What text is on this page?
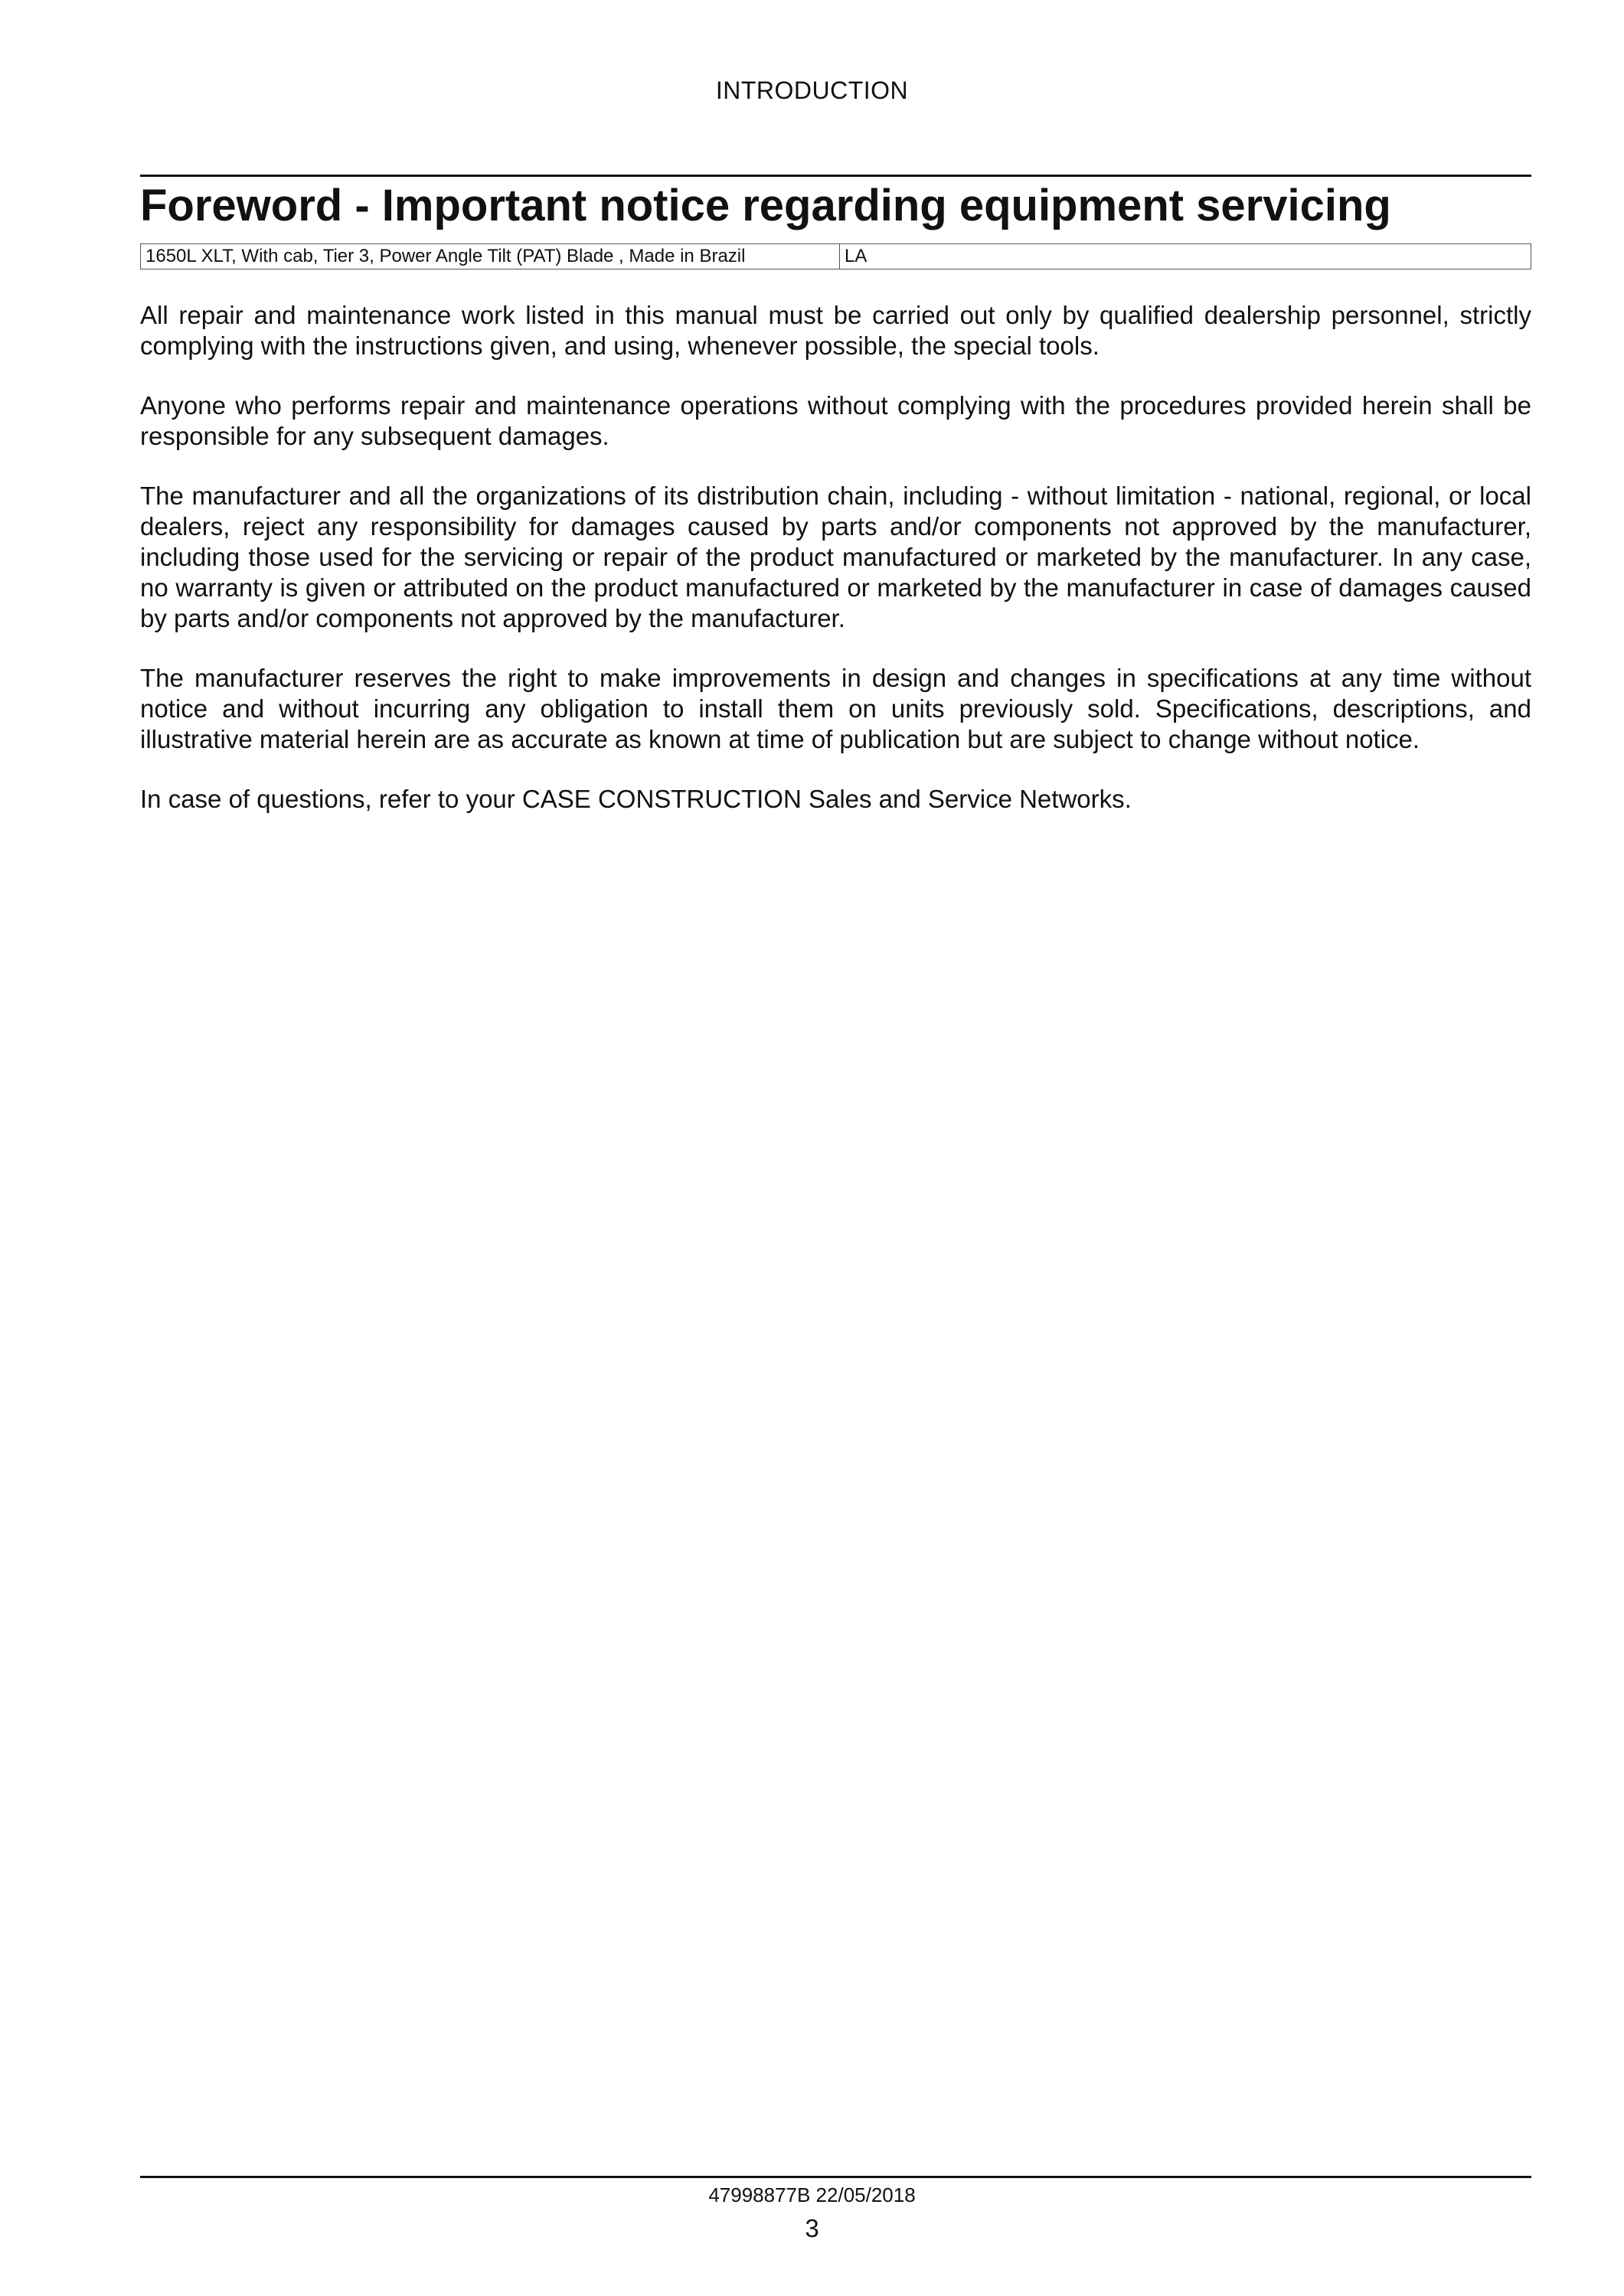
INTRODUCTION
Foreword - Important notice regarding equipment servicing
1650L XLT, With cab, Tier 3, Power Angle Tilt (PAT) Blade , Made in Brazil	LA

All repair and maintenance work listed in this manual must be carried out only by qualified dealership personnel, strictly complying with the instructions given, and using, whenever possible, the special tools.

Anyone who performs repair and maintenance operations without complying with the procedures provided herein shall be responsible for any subsequent damages.

The manufacturer and all the organizations of its distribution chain, including - without limitation - national, regional, or local dealers, reject any responsibility for damages caused by parts and/or components not approved by the manufacturer, including those used for the servicing or repair of the product manufactured or marketed by the manufacturer. In any case, no warranty is given or attributed on the product manufactured or marketed by the manufacturer in case of damages caused by parts and/or components not approved by the manufacturer.

The manufacturer reserves the right to make improvements in design and changes in specifications at any time without notice and without incurring any obligation to install them on units previously sold. Specifications, descriptions, and illustrative material herein are as accurate as known at time of publication but are subject to change without notice.

In case of questions, refer to your CASE CONSTRUCTION Sales and Service Networks.

47998877B 22/05/2018
3
